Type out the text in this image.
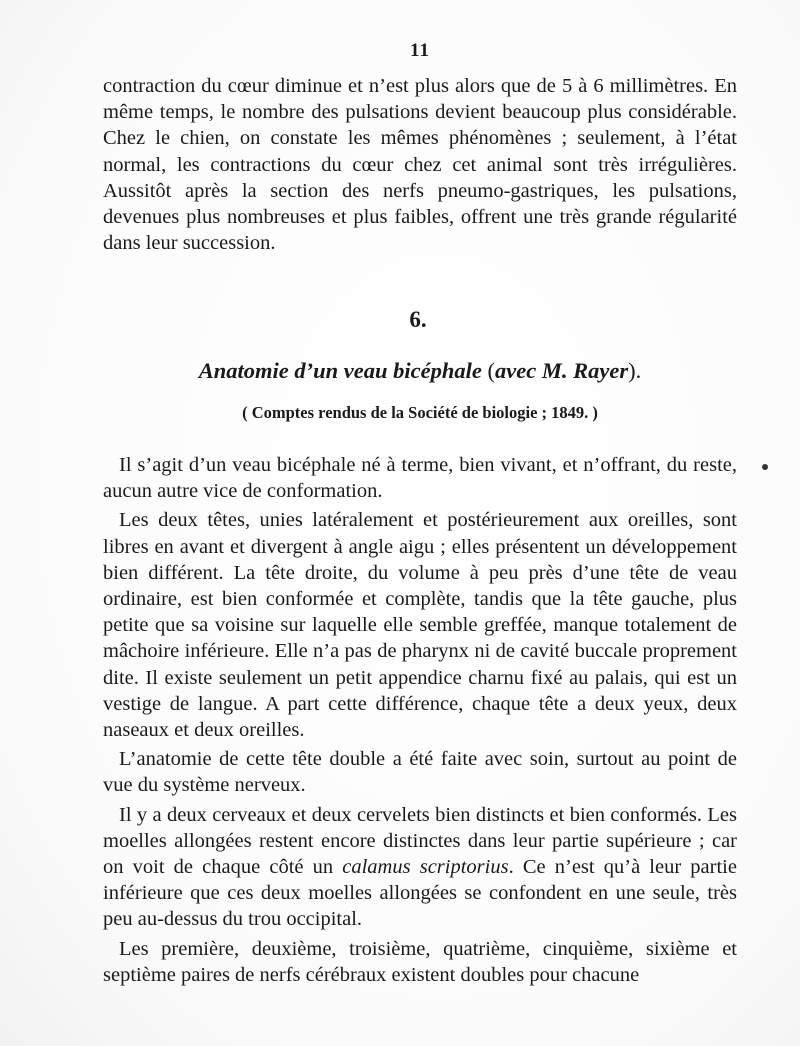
11

contraction du cœur diminue et n’est plus alors que de 5 à 6 millimètres. En même temps, le nombre des pulsations devient beaucoup plus considérable. Chez le chien, on constate les mêmes phénomènes ; seulement, à l’état normal, les contractions du cœur chez cet animal sont très irrégulières. Aussitôt après la section des nerfs pneumo-gastriques, les pulsations, devenues plus nombreuses et plus faibles, offrent une très grande régularité dans leur succession.

6.
Anatomie d’un veau bicéphale (avec M. Rayer).
( Comptes rendus de la Société de biologie ; 1849. )

Il s’agit d’un veau bicéphale né à terme, bien vivant, et n’offrant, du reste, aucun autre vice de conformation.

Les deux têtes, unies latéralement et postérieurement aux oreilles, sont libres en avant et divergent à angle aigu ; elles présentent un développement bien différent. La tête droite, du volume à peu près d’une tête de veau ordinaire, est bien conformée et complète, tandis que la tête gauche, plus petite que sa voisine sur laquelle elle semble greffée, manque totalement de mâchoire inférieure. Elle n’a pas de pharynx ni de cavité buccale proprement dite. Il existe seulement un petit appendice charnu fixé au palais, qui est un vestige de langue. A part cette différence, chaque tête a deux yeux, deux naseaux et deux oreilles.

L’anatomie de cette tête double a été faite avec soin, surtout au point de vue du système nerveux.

Il y a deux cerveaux et deux cervelets bien distincts et bien conformés. Les moelles allongées restent encore distinctes dans leur partie supérieure ; car on voit de chaque côté un calamus scriptorius. Ce n’est qu’à leur partie inférieure que ces deux moelles allongées se confondent en une seule, très peu au-dessus du trou occipital.

Les première, deuxième, troisième, quatrième, cinquième, sixième et septième paires de nerfs cérébraux existent doubles pour chacune
